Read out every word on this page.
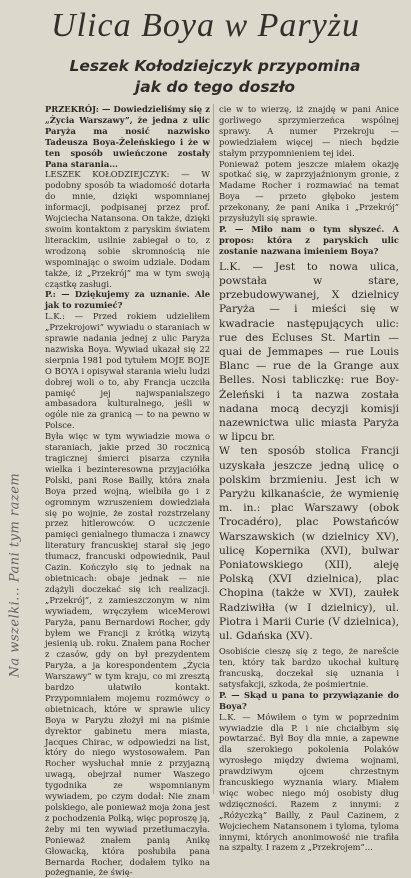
Ulica Boya w Paryżu
Leszek Kołodziejczyk przypomina
jak do tego doszło
Na wszelki... Pani tym razem

PRZEKRÓJ: — Dowiedzieliśmy się z „Życia Warszawy”, że jedna z ulic Paryża ma nosić nazwisko Tadeusza Boya-Żeleńskiego i że w ten sposób uwieńczone zostały Pana starania...

LESZEK KOŁODZIEJCZYK: — W podobny sposób ta wiadomość dotarła do mnie, dzięki wspomnianej informacji, podpisanej przez prof. Wojciecha Natansona. On także, dzięki swoim kontaktom z paryskim światem literackim, usilnie zabiegał o to, z wrodzoną sobie skromnością nie wspominając o swoim udziale. Dodam także, iż „Przekrój” ma w tym swoją cząstkę zasługi.

P.: — Dziękujemy za uznanie. Ale jak to rozumieć?

L.K.: — Przed rokiem udzieliłem „Przekrojowi” wywiadu o staraniach w sprawie nadania jednej z ulic Paryża nazwiska Boya. Wywiad ukazał się 22 sierpnia 1981 pod tytułem MOJE BOJE O BOYA i opisywał starania wielu ludzi dobrej woli o to, aby Francja uczciła pamięć jej najwspanialszego ambasadora kulturalnego, jeśli w ogóle nie za granicą — to na pewno w Polsce.

Była więc w tym wywiadzie mowa o staraniach, jakie przed 30 rocznicą tragicznej śmierci pisarza czyniła wielka i bezinteresowna przyjaciółka Polski, pani Rose Bailly, która znała Boya przed wojną, wielbiła go i z ogromnym wzruszeniem dowiedziała się po wojnie, że został rozstrzelany przez hitlerowców. O uczczenie pamięci genialnego tłumacza i znawcy literatury francuskiej starał się jego tłumacz, francuski odpowiednik, Paul Cazin. Kończyło się to jednak na obietnicach: obaje jednak — nie zdążyli doczekać się ich realizacji. „Przekrój”, z zamieszczonym w nim wywiadem, wręczyłem wiceMerowi Paryża, panu Bernardowi Rocher, gdy byłem we Francji z krótką wizytą jesienią ub. roku. Znałem pana Rocher z czasów, gdy on był prezydentem Paryża, a ja korespondentem „Życia Warszawy” w tym kraju, co mi zresztą bardzo ułatwiło kontakt. Przypomniałem mojemu rozmówcy o obietnicach, które w sprawie ulicy Boya w Paryżu złożył mi na piśmie dyrektor gabinetu mera miasta, Jacques Chirac, w odpowiedzi na list, który do niego wystosowałem. Pan Rocher wysłuchał mnie z przyjazną uwagą, obejrzał numer Waszego tygodnika ze wspomnianym wywiadem, po czym dodał: Nie znam polskiego, ale ponieważ moja żona jest z pochodzenia Polką, więc poproszę ją, żeby mi ten wywiad przetłumaczyła. Ponieważ znałem panią Anikę Głowacką, która posłubiła pana Bernarda Rocher, dodałem tylko na pożegnanie, że świę-

cie w to wierzę, iż znajdę w pani Anice gorliwego sprzymierzeńca wspólnej sprawy. A numer Przekroju — powiedziałem więcej — niech będzie stałym przypomnieniem tej idei.

Ponieważ potem jeszcze miałem okazję spotkać się, w zaprzyjaźnionym gronie, z Madame Rocher i rozmawiać na temat Boya — przeto głęboko jestem przekonany, że pani Anika i „Przekrój” przysłużyli się sprawie.

P. — Miło nam o tym słyszeć. A propos: która z paryskich ulic zostanie nazwana imieniem Boya?

L.K. — Jest to nowa ulica, powstała w stare, przebudowywanej, X dzielnicy Paryża — i mieści się w kwadracie następujących ulic: rue des Ecluses St. Martin — quai de Jemmapes — rue Louis Blanc — rue de la Grange aux Belles. Nosi tabliczkę: rue Boy-Żeleński i ta nazwa została nadana mocą decyzji komisji nazewnictwa ulic miasta Paryża w lipcu br.

W ten sposób stolica Francji uzyskała jeszcze jedną ulicę o polskim brzmieniu. Jest ich w Paryżu kilkanaście, że wymienię m. in.: plac Warszawy (obok Trocadéro), plac Powstańców Warszawskich (w dzielnicy XV), ulicę Kopernika (XVI), bulwar Poniatowskiego (XII), aleję Polską (XVI dzielnica), plac Chopina (także w XVI), zaułek Radziwiłła (w I dzielnicy), ul. Piotra i Marii Curie (V dzielnica), ul. Gdańska (XV).

Osobiście cieszę się z tego, że narešcie ten, który tak bardzo ukochał kulturę francuską, doczekał się uznania i satysfakcji, szkoda, że pośmiertnie.

P. — Skąd u pana to przywiązanie do Boya?

L.K. — Mówiłem o tym w poprzednim wywiadzie dla P. i nie chciałbym się powtarzać. Był Boy dla mnie, a zapewne dla szerokiego pokolenia Polaków wyrosłego między dwiema wojnami, prawdziwym ojcem chrzestnym francuskiego wyznania wiary. Miałem więc wobec niego mój osobisty dług wdzięczności. Razem z innymi: z „Różyczką” Bailly, z Paul Cazinem, z Wojciechem Natansonem i tyloma, tyloma innymi, których anonimowość nie trafiła na szpalty. I razem z „Przekrojem”...
